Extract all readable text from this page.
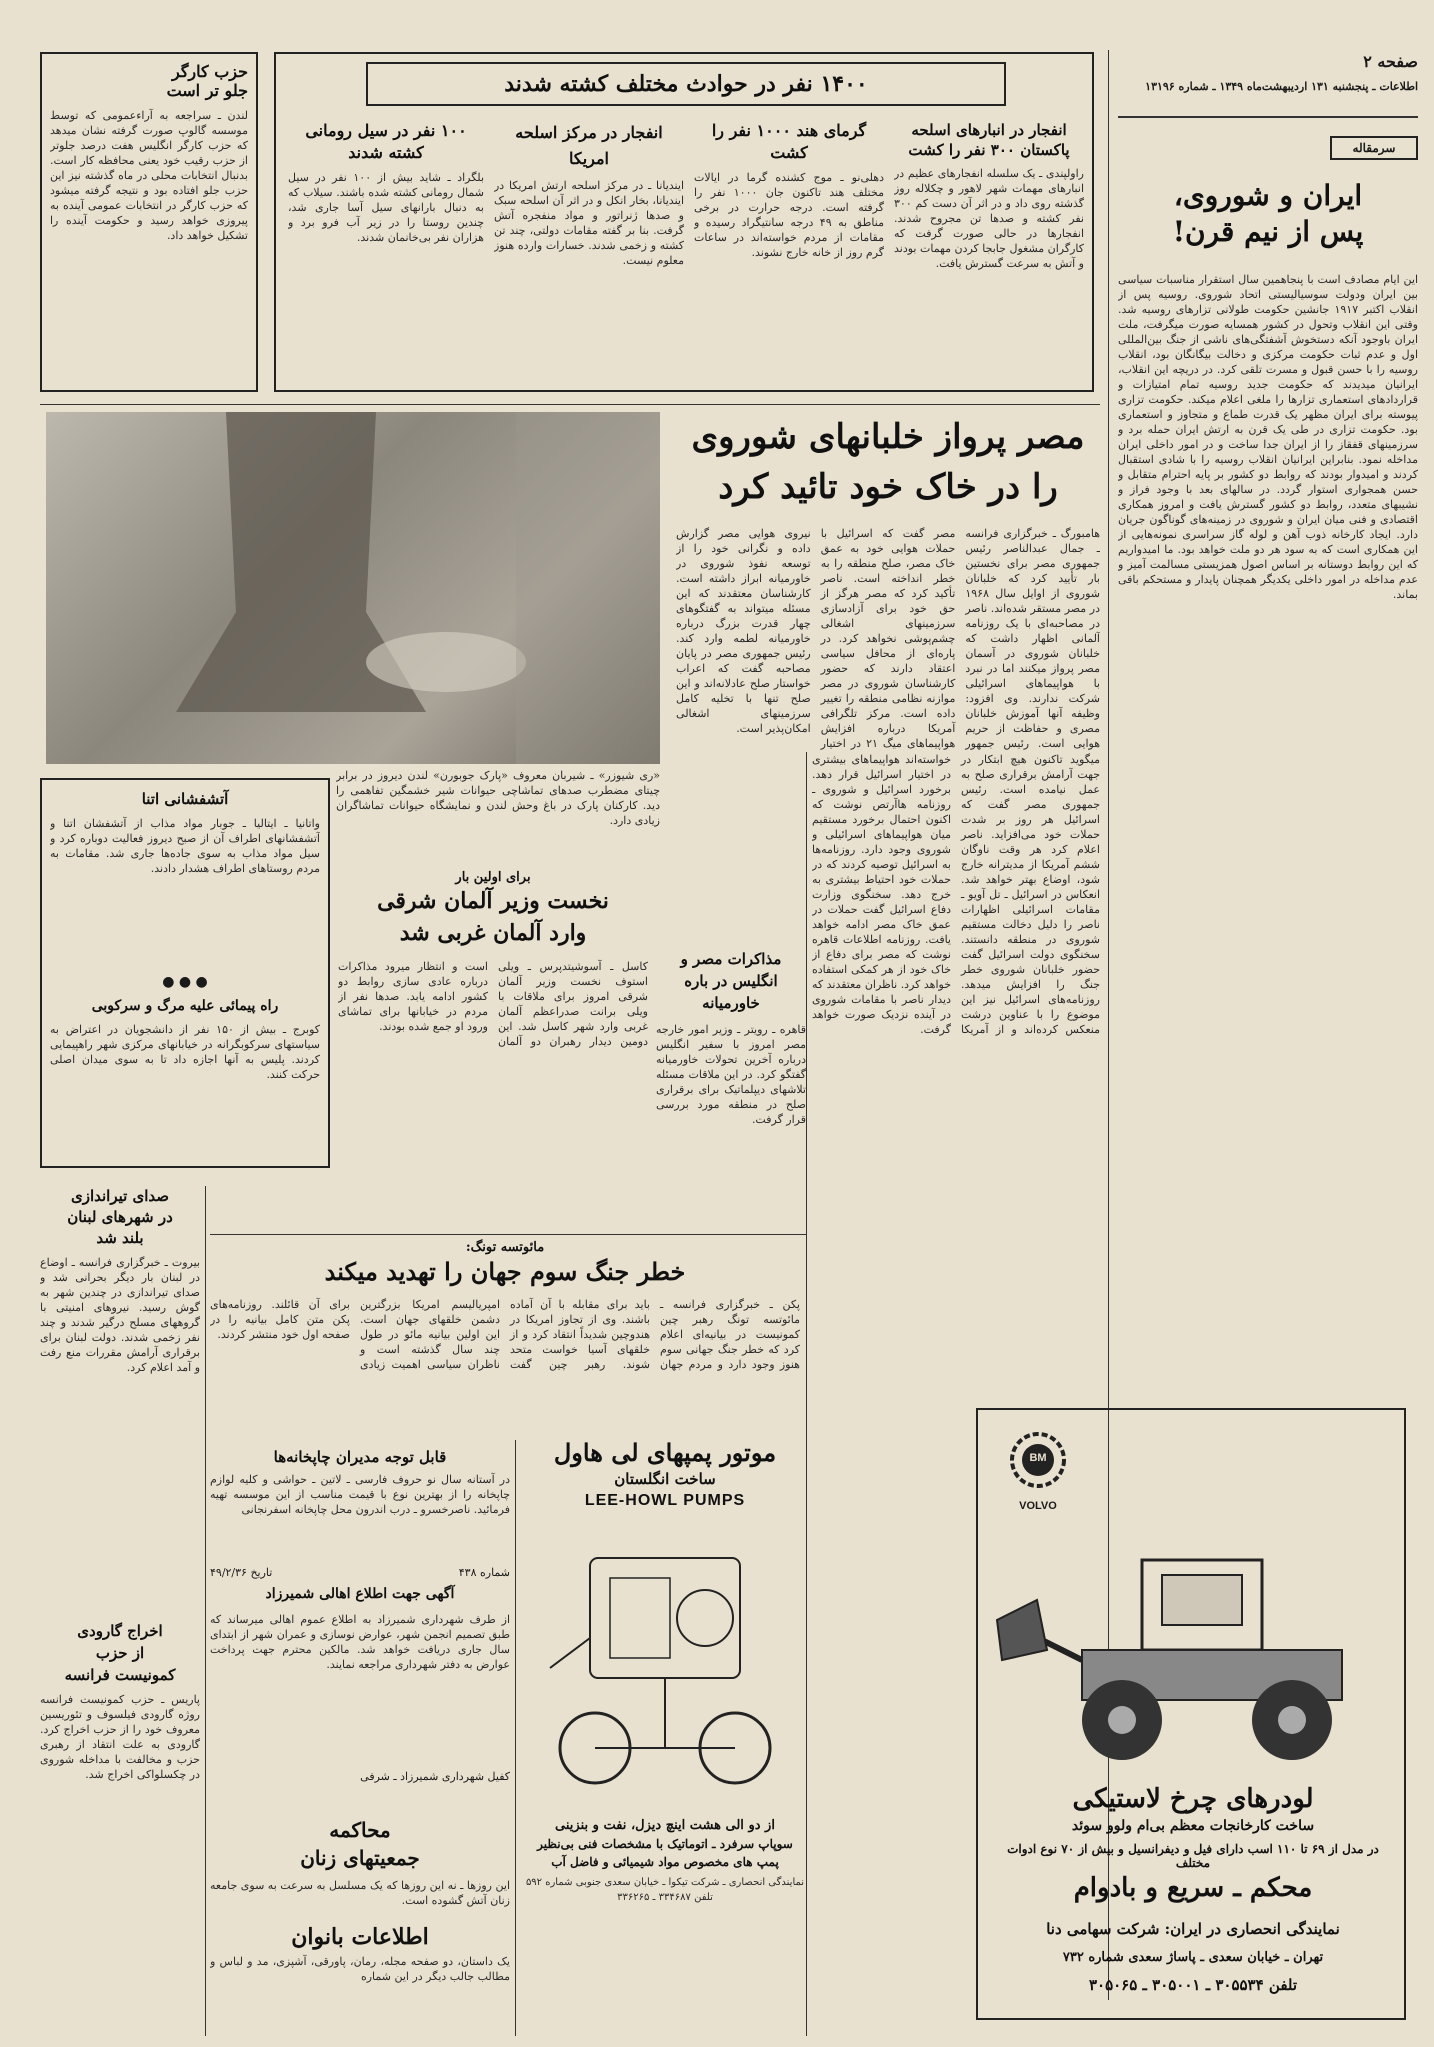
صفحه ۲
اطلاعات ـ پنجشنبه ۱۳۱ اردیبهشت‌ماه ۱۳۴۹ ـ شماره ۱۳۱۹۶
سرمقاله
ایران و شوروی،
پس از نیم قرن!
این ایام مصادف است با پنجاهمین سال استقرار مناسبات سیاسی بین ایران ودولت سوسیالیستی اتحاد شوروی. روسیه پس از انقلاب اکتبر ۱۹۱۷ جانشین حکومت طولانی تزارهای روسیه شد. وقتی این انقلاب وتحول در کشور همسایه صورت میگرفت، ملت ایران باوجود آنکه دستخوش آشفتگی‌های ناشی از جنگ بین‌المللی اول و عدم ثبات حکومت مرکزی و دخالت بیگانگان بود، انقلاب روسیه را با حسن قبول و مسرت تلقی کرد. در دریچه این انقلاب، ایرانیان میدیدند که حکومت جدید روسیه تمام امتیازات و قراردادهای استعماری تزارها را ملغی اعلام میکند. حکومت تزاری پیوسته برای ایران مظهر یک قدرت طماع و متجاوز و استعماری بود. حکومت تزاری در طی یک قرن به ارتش ایران حمله برد و سرزمینهای قفقاز را از ایران جدا ساخت و در امور داخلی ایران مداخله نمود. بنابراین ایرانیان انقلاب روسیه را با شادی استقبال کردند و امیدوار بودند که روابط دو کشور بر پایه احترام متقابل و حسن همجواری استوار گردد. در سالهای بعد با وجود فراز و نشیبهای متعدد، روابط دو کشور گسترش یافت و امروز همکاری اقتصادی و فنی میان ایران و شوروی در زمینه‌های گوناگون جریان دارد. ایجاد کارخانه ذوب آهن و لوله گاز سراسری نمونه‌هایی از این همکاری است که به سود هر دو ملت خواهد بود. ما امیدواریم که این روابط دوستانه بر اساس اصول همزیستی مسالمت آمیز و عدم مداخله در امور داخلی یکدیگر همچنان پایدار و مستحکم باقی بماند.
۱۴۰۰ نفر در حوادث مختلف کشته شدند
انفجار در انبارهای اسلحه پاکستان ۳۰۰ نفر را کشت
راولپندی ـ یک سلسله انفجارهای عظیم در انبارهای مهمات شهر لاهور و چکلاله روز گذشته روی داد و در اثر آن دست کم ۳۰۰ نفر کشته و صدها تن مجروح شدند. انفجارها در حالی صورت گرفت که کارگران مشغول جابجا کردن مهمات بودند و آتش به سرعت گسترش یافت.
گرمای هند ۱۰۰۰ نفر را کشت
دهلی‌نو ـ موج کشنده گرما در ایالات مختلف هند تاکنون جان ۱۰۰۰ نفر را گرفته است. درجه حرارت در برخی مناطق به ۴۹ درجه سانتیگراد رسیده و مقامات از مردم خواسته‌اند در ساعات گرم روز از خانه خارج نشوند.
انفجار در مرکز اسلحه امریکا
ایندیانا ـ در مرکز اسلحه ارتش امریکا در ایندیانا، بخار انکل و در اثر آن اسلحه سبک و صدها ژنراتور و مواد منفجره آتش گرفت. بنا بر گفته مقامات دولتی، چند تن کشته و زخمی شدند. خسارات وارده هنوز معلوم نیست.
۱۰۰ نفر در سیل رومانی کشته شدند
بلگراد ـ شاید بیش از ۱۰۰ نفر در سیل شمال رومانی کشته شده باشند. سیلاب که به دنبال بارانهای سیل آسا جاری شد، چندین روستا را در زیر آب فرو برد و هزاران نفر بی‌خانمان شدند.
حزب کارگر
جلو تر است
لندن ـ سراجعه به آراءعمومی که توسط موسسه گالوپ صورت گرفته نشان میدهد که حزب کارگر انگلیس هفت درصد جلوتر از حزب رقیب خود یعنی محافظه کار است. بدنبال انتخابات محلی در ماه گذشته نیز این حزب جلو افتاده بود و نتیجه گرفته میشود که حزب کارگر در انتخابات عمومی آینده به پیروزی خواهد رسید و حکومت آینده را تشکیل خواهد داد.
«ری شیوزر» ـ شیربان معروف «پارک جوبورن» لندن دیروز در برابر چیتای مضطرب صدهای تماشاچی حیوانات شیر خشمگین تفاهمی را دید. کارکنان پارک در باغ وحش لندن و نمایشگاه حیوانات تماشاگران زیادی دارد.
مصر پرواز خلبانهای شوروی
را در خاک خود تائید کرد
هامبورگ ـ خبرگزاری فرانسه ـ جمال عبدالناصر رئیس جمهوری مصر برای نخستین بار تأیید کرد که خلبانان شوروی از اوایل سال ۱۹۶۸ در مصر مستقر شده‌اند. ناصر در مصاحبه‌ای با یک روزنامه آلمانی اظهار داشت که خلبانان شوروی در آسمان مصر پرواز میکنند اما در نبرد با هواپیماهای اسرائیلی شرکت ندارند. وی افزود: وظیفه آنها آموزش خلبانان مصری و حفاظت از حریم هوایی است. رئیس جمهور مصر گفت که اسرائیل با حملات هوایی خود به عمق خاک مصر، صلح منطقه را به خطر انداخته است. ناصر تأکید کرد که مصر هرگز از حق خود برای آزادسازی سرزمینهای اشغالی چشم‌پوشی نخواهد کرد. در پاره‌ای از محافل سیاسی اعتقاد دارند که حضور کارشناسان شوروی در مصر موازنه نظامی منطقه را تغییر داده است. مرکز تلگرافی آمریکا درباره افزایش هواپیماهای میگ ۲۱ در اختیار نیروی هوایی مصر گزارش داده و نگرانی خود را از توسعه نفوذ شوروی در خاورمیانه ابراز داشته است. کارشناسان معتقدند که این مسئله میتواند به گفتگوهای چهار قدرت بزرگ درباره خاورمیانه لطمه وارد کند. رئیس جمهوری مصر در پایان مصاحبه گفت که اعراب خواستار صلح عادلانه‌اند و این صلح تنها با تخلیه کامل سرزمینهای اشغالی امکان‌پذیر است.
آتشفشانی اتنا
واتانیا ـ ایتالیا ـ جوبار مواد مذاب از آتشفشان اتنا و آتشفشانهای اطراف آن از صبح دیروز فعالیت دوباره کرد و سیل مواد مذاب به سوی جاده‌ها جاری شد. مقامات به مردم روستاهای اطراف هشدار دادند.
● ● ●
راه پیمائی علیه مرگ و سرکوبی
کوبرج ـ بیش از ۱۵۰ نفر از دانشجویان در اعتراض به سیاستهای سرکوبگرانه در خیابانهای مرکزی شهر راهپیمایی کردند. پلیس به آنها اجازه داد تا به سوی میدان اصلی حرکت کنند.
برای اولین بار
نخست وزیر آلمان شرقی
وارد آلمان غربی شد
کاسل ـ آسوشیتدپرس ـ ویلی استوف نخست وزیر آلمان شرقی امروز برای ملاقات با ویلی برانت صدراعظم آلمان غربی وارد شهر کاسل شد. این دومین دیدار رهبران دو آلمان است و انتظار میرود مذاکرات درباره عادی سازی روابط دو کشور ادامه یابد. صدها نفر از مردم در خیابانها برای تماشای ورود او جمع شده بودند.
مذاکرات مصر و
انگلیس در باره
خاورمیانه
قاهره ـ رویتر ـ وزیر امور خارجه مصر امروز با سفیر انگلیس درباره آخرین تحولات خاورمیانه گفتگو کرد. در این ملاقات مسئله تلاشهای دیپلماتیک برای برقراری صلح در منطقه مورد بررسی قرار گرفت.
میگوید تاکنون هیچ ابتکار در جهت آرامش برقراری صلح به عمل نیامده است. رئیس جمهوری مصر گفت که اسرائیل هر روز بر شدت حملات خود می‌افزاید. ناصر اعلام کرد هر وقت ناوگان ششم آمریکا از مدیترانه خارج شود، اوضاع بهتر خواهد شد. انعکاس در اسرائیل ـ تل آویو ـ مقامات اسرائیلی اظهارات ناصر را دلیل دخالت مستقیم شوروی در منطقه دانستند. سخنگوی دولت اسرائیل گفت حضور خلبانان شوروی خطر جنگ را افزایش میدهد. روزنامه‌های اسرائیل نیز این موضوع را با عناوین درشت منعکس کرده‌اند و از آمریکا خواسته‌اند هواپیماهای بیشتری در اختیار اسرائیل قرار دهد. برخورد اسرائیل و شوروی ـ روزنامه هاآرتص نوشت که اکنون احتمال برخورد مستقیم میان هواپیماهای اسرائیلی و شوروی وجود دارد. روزنامه‌ها به اسرائیل توصیه کردند که در حملات خود احتیاط بیشتری به خرج دهد. سخنگوی وزارت دفاع اسرائیل گفت حملات در عمق خاک مصر ادامه خواهد یافت. روزنامه اطلاعات قاهره نوشت که مصر برای دفاع از خاک خود از هر کمکی استفاده خواهد کرد. ناظران معتقدند که دیدار ناصر با مقامات شوروی در آینده نزدیک صورت خواهد گرفت.
صدای تیراندازی
در شهرهای لبنان
بلند شد
بیروت ـ خبرگزاری فرانسه ـ اوضاع در لبنان بار دیگر بحرانی شد و صدای تیراندازی در چندین شهر به گوش رسید. نیروهای امنیتی با گروههای مسلح درگیر شدند و چند نفر زخمی شدند. دولت لبنان برای برقراری آرامش مقررات منع رفت و آمد اعلام کرد.
اخراج گارودی
از حزب
کمونیست فرانسه
پاریس ـ حزب کمونیست فرانسه روژه گارودی فیلسوف و تئوریسین معروف خود را از حزب اخراج کرد. گارودی به علت انتقاد از رهبری حزب و مخالفت با مداخله شوروی در چکسلواکی اخراج شد.
مائوتسه تونگ:
خطر جنگ سوم جهان را تهدید میکند
پکن ـ خبرگزاری فرانسه ـ مائوتسه تونگ رهبر چین کمونیست در بیانیه‌ای اعلام کرد که خطر جنگ جهانی سوم هنوز وجود دارد و مردم جهان باید برای مقابله با آن آماده باشند. وی از تجاوز امریکا در هندوچین شدیداً انتقاد کرد و از خلقهای آسیا خواست متحد شوند. رهبر چین گفت امپریالیسم امریکا بزرگترین دشمن خلقهای جهان است. این اولین بیانیه مائو در طول چند سال گذشته است و ناظران سیاسی اهمیت زیادی برای آن قائلند. روزنامه‌های پکن متن کامل بیانیه را در صفحه اول خود منتشر کردند.
قابل توجه مدیران چاپخانه‌ها
در آستانه سال نو حروف فارسی ـ لاتین ـ حواشی و کلیه لوازم چاپخانه را از بهترین نوع با قیمت مناسب از این موسسه تهیه فرمائید. ناصرخسرو ـ درب اندرون محل چاپخانه اسفرنجانی
تاریخ ۴۹/۲/۳۶	شماره ۴۳۸
آگهی جهت اطلاع اهالی شمیرزاد
از طرف شهرداری شمیرزاد به اطلاع عموم اهالی میرساند که طبق تصمیم انجمن شهر، عوارض نوسازی و عمران شهر از ابتدای سال جاری دریافت خواهد شد. مالکین محترم جهت پرداخت عوارض به دفتر شهرداری مراجعه نمایند.
کفیل شهرداری شمیرزاد ـ شرفی
محاکمه
جمعیتهای زنان
این روزها ـ نه این روزها که یک مسلسل به سرعت به سوی جامعه زنان آتش گشوده است.
اطلاعات بانوان
یک داستان، دو صفحه مجله، رمان، پاورقی، آشپزی، مد و لباس و مطالب جالب دیگر در این شماره
موتور پمپهای لی هاول
ساخت انگلستان
LEE-HOWL PUMPS
از دو الی هشت اینچ دیزل، نفت و بنزینی
سوپاپ سرفرد ـ اتوماتیک با مشخصات فنی بی‌نظیر
پمپ های مخصوص مواد شیمیائی و فاضل آب
نمایندگی انحصاری ـ شرکت تیکوا ـ خیابان سعدی جنوبی شماره ۵۹۲ تلفن ۳۳۴۶۸۷ ـ ۳۳۶۲۶۵
BM
VOLVO
لودرهای چرخ لاستیکی
ساخت کارخانجات معظم بی‌ام ولوو سوئد
در مدل از ۶۹ تا ۱۱۰ اسب دارای فیل و دیفرانسیل و بیش از ۷۰ نوع ادوات مختلف
محکم ـ سریع و بادوام
نمایندگی انحصاری در ایران: شرکت سهامی دنا
تهران ـ خیابان سعدی ـ پاساژ سعدی شماره ۷۳۲
تلفن ۳۰۵۵۳۴ ـ ۳۰۵۰۰۱ ـ ۳۰۵۰۶۵
